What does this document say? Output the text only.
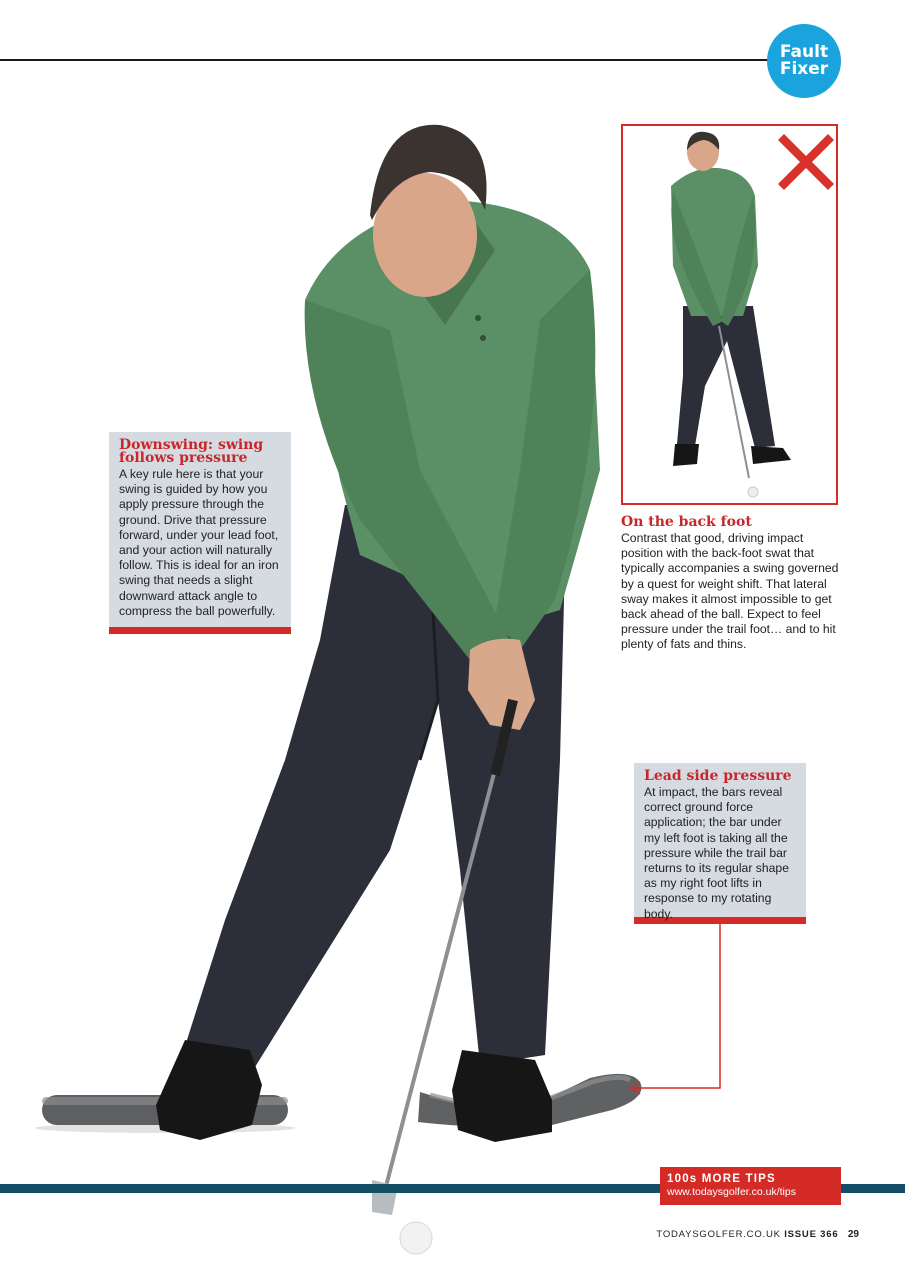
Fault
Fixer
Downswing: swing
follows pressure

A key rule here is that your swing is guided by how you apply pressure through the ground. Drive that pressure forward, under your lead foot, and your action will naturally follow. This is ideal for an iron swing that needs a slight downward attack angle to compress the ball powerfully.

On the back foot

Contrast that good, driving impact position with the back-foot swat that typically accompanies a swing governed by a quest for weight shift. That lateral sway makes it almost impossible to get back ahead of the ball. Expect to feel pressure under the trail foot… and to hit plenty of fats and thins.

Lead side pressure

At impact, the bars reveal correct ground force application; the bar under my left foot is taking all the pressure while the trail bar returns to its regular shape as my right foot lifts in response to my rotating body.

100s MORE TIPS
www.todaysgolfer.co.uk/tips
TODAYSGOLFER.CO.UK ISSUE 366 29
